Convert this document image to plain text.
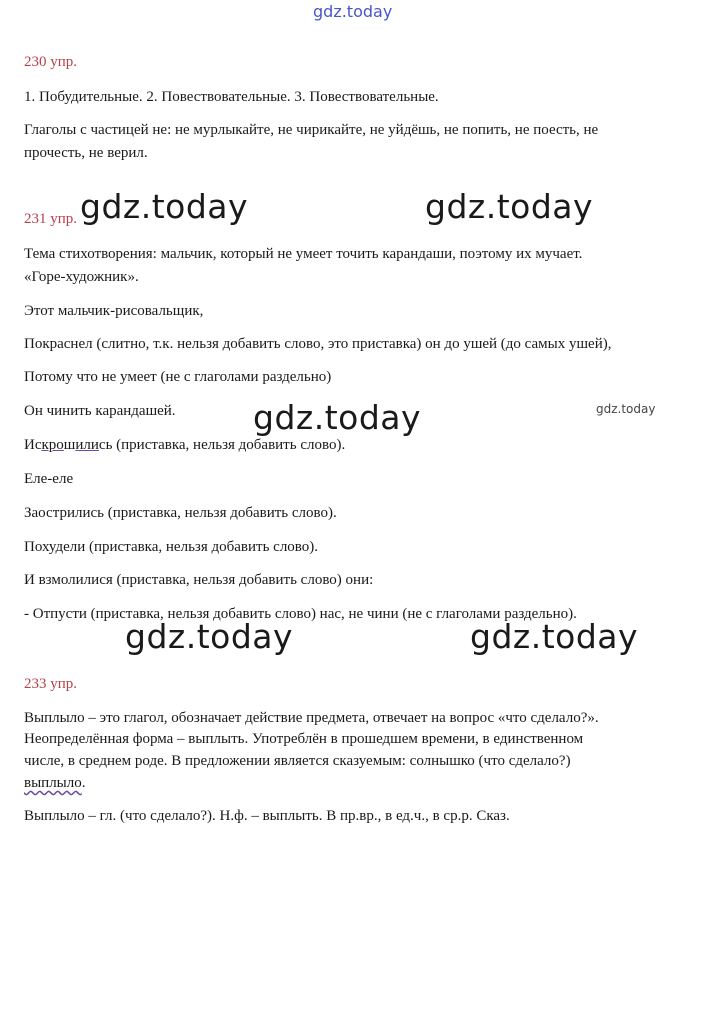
gdz.today
gdz.today	gdz.today
gdz.today	gdz.today
gdz.today	gdz.today

230 упр.

1. Побудительные. 2. Повествовательные. 3. Повествовательные.

Глаголы с частицей не: не мурлыкайте, не чирикайте, не уйдёшь, не попить, не поесть, не

прочесть, не верил.

231 упр.

Тема стихотворения: мальчик, который не умеет точить карандаши, поэтому их мучает.

«Горе-художник».

Этот мальчик-рисовальщик,

Покраснел (слитно, т.к. нельзя добавить слово, это приставка) он до ушей (до самых ушей),

Потому что не умеет (не с глаголами раздельно)

Он чинить карандашей.

Искрошились (приставка, нельзя добавить слово).

Еле-еле

Заострились (приставка, нельзя добавить слово).

Похудели (приставка, нельзя добавить слово).

И взмолилися (приставка, нельзя добавить слово) они:

- Отпусти (приставка, нельзя добавить слово) нас, не чини (не с глаголами раздельно).

233 упр.

Выплыло – это глагол, обозначает действие предмета, отвечает на вопрос «что сделало?».

Неопределённая форма – выплыть. Употреблён в прошедшем времени, в единственном

числе, в среднем роде. В предложении является сказуемым: солнышко (что сделало?)

выплыло.

Выплыло – гл. (что сделало?). Н.ф. – выплыть. В пр.вр., в ед.ч., в ср.р. Сказ.
